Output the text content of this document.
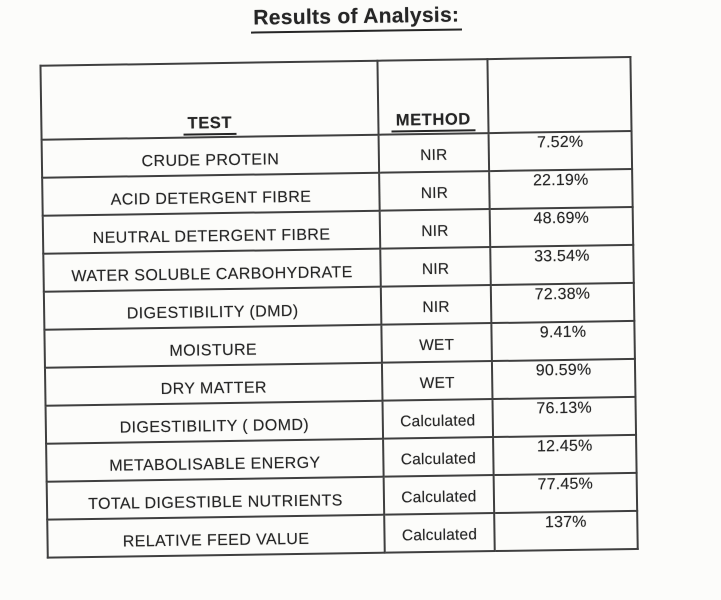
Results of Analysis:
TEST	METHOD	
CRUDE PROTEIN	NIR	7.52%
ACID DETERGENT FIBRE	NIR	22.19%
NEUTRAL DETERGENT FIBRE	NIR	48.69%
WATER SOLUBLE CARBOHYDRATE	NIR	33.54%
DIGESTIBILITY (DMD)	NIR	72.38%
MOISTURE	WET	9.41%
DRY MATTER	WET	90.59%
DIGESTIBILITY ( DOMD)	Calculated	76.13%
METABOLISABLE ENERGY	Calculated	12.45%
TOTAL DIGESTIBLE NUTRIENTS	Calculated	77.45%
RELATIVE FEED VALUE	Calculated	137%
